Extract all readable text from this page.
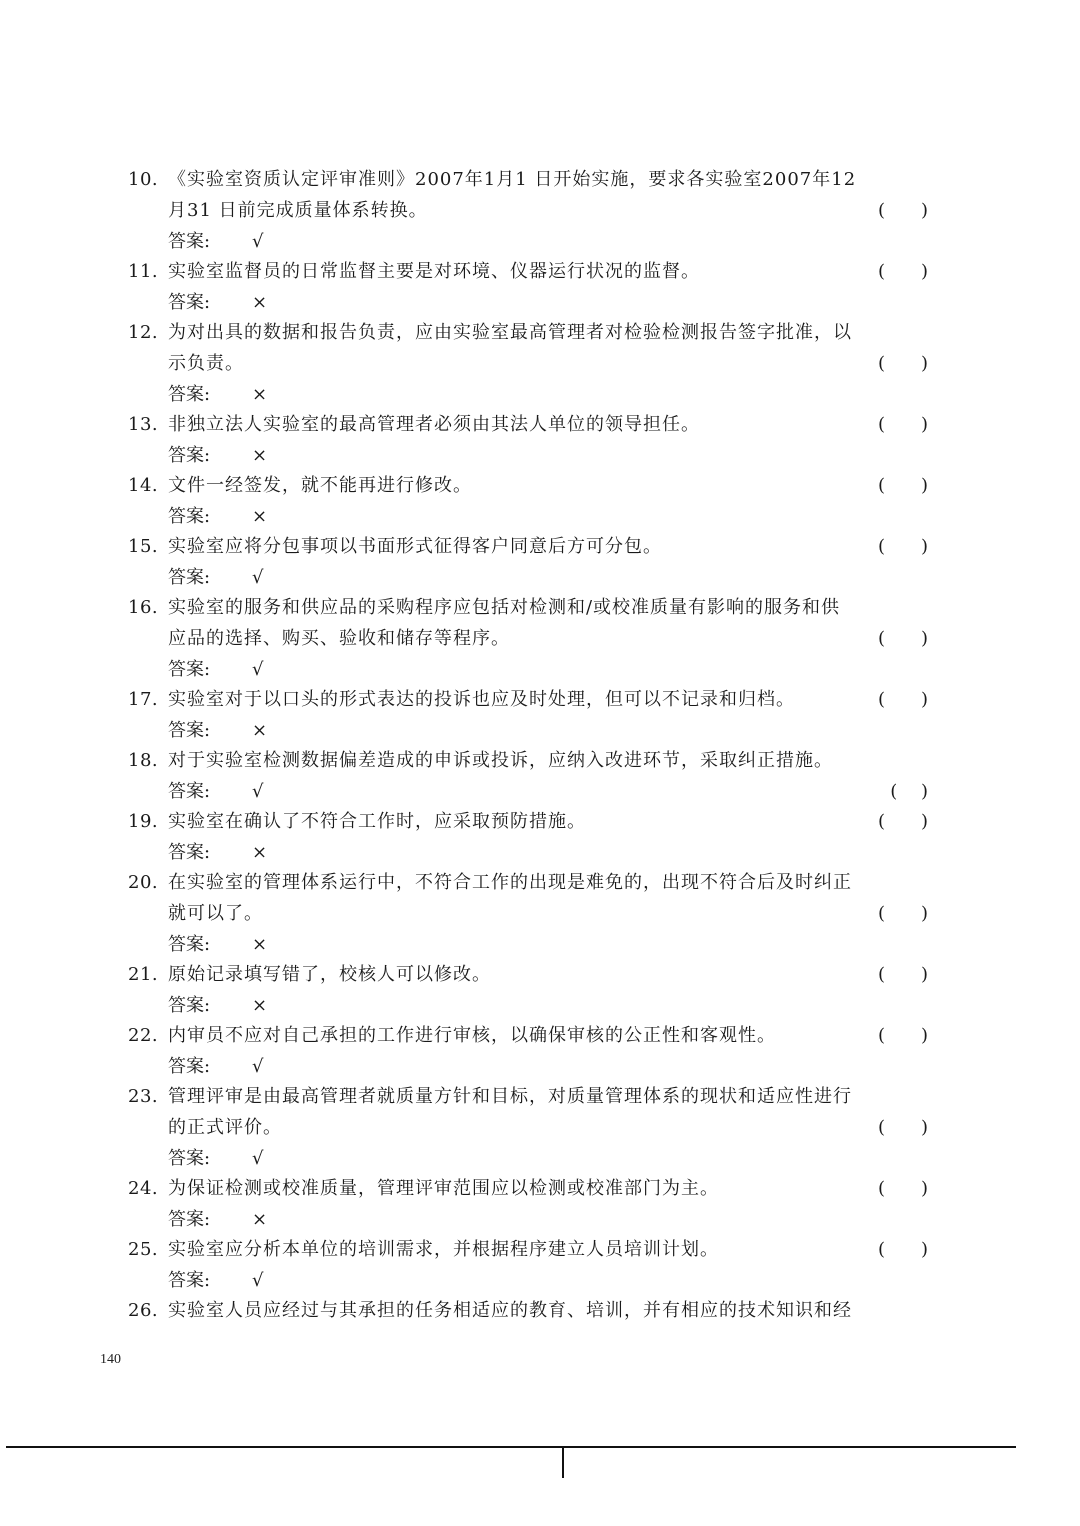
10. 《实验室资质认定评审准则》2007年1月1 日开始实施，要求各实验室2007年12
月31 日前完成质量体系转换。	(　　)
答案:	√
11. 实验室监督员的日常监督主要是对环境、仪器运行状况的监督。	(　　)
答案:	×
12. 为对出具的数据和报告负责，应由实验室最高管理者对检验检测报告签字批准，以
示负责。	(　　)
答案:	×
13. 非独立法人实验室的最高管理者必须由其法人单位的领导担任。	(　　)
答案:	×
14. 文件一经签发，就不能再进行修改。	(　　)
答案:	×
15. 实验室应将分包事项以书面形式征得客户同意后方可分包。	(　　)
答案:	√
16. 实验室的服务和供应品的采购程序应包括对检测和/或校准质量有影响的服务和供
应品的选择、购买、验收和储存等程序。	(　　)
答案:	√
17. 实验室对于以口头的形式表达的投诉也应及时处理，但可以不记录和归档。	(　　)
答案:	×
18. 对于实验室检测数据偏差造成的申诉或投诉，应纳入改进环节，采取纠正措施。
答案:	√	(　 )
19. 实验室在确认了不符合工作时，应采取预防措施。	(　　)
答案:	×
20. 在实验室的管理体系运行中，不符合工作的出现是难免的，出现不符合后及时纠正
就可以了。	(　　)
答案:	×
21. 原始记录填写错了，校核人可以修改。	(　　)
答案:	×
22. 内审员不应对自己承担的工作进行审核，以确保审核的公正性和客观性。	(　　)
答案:	√
23. 管理评审是由最高管理者就质量方针和目标，对质量管理体系的现状和适应性进行
的正式评价。	(　　)
答案:	√
24. 为保证检测或校准质量，管理评审范围应以检测或校准部门为主。	(　　)
答案:	×
25. 实验室应分析本单位的培训需求，并根据程序建立人员培训计划。	(　　)
答案:	√
26. 实验室人员应经过与其承担的任务相适应的教育、培训，并有相应的技术知识和经
140
